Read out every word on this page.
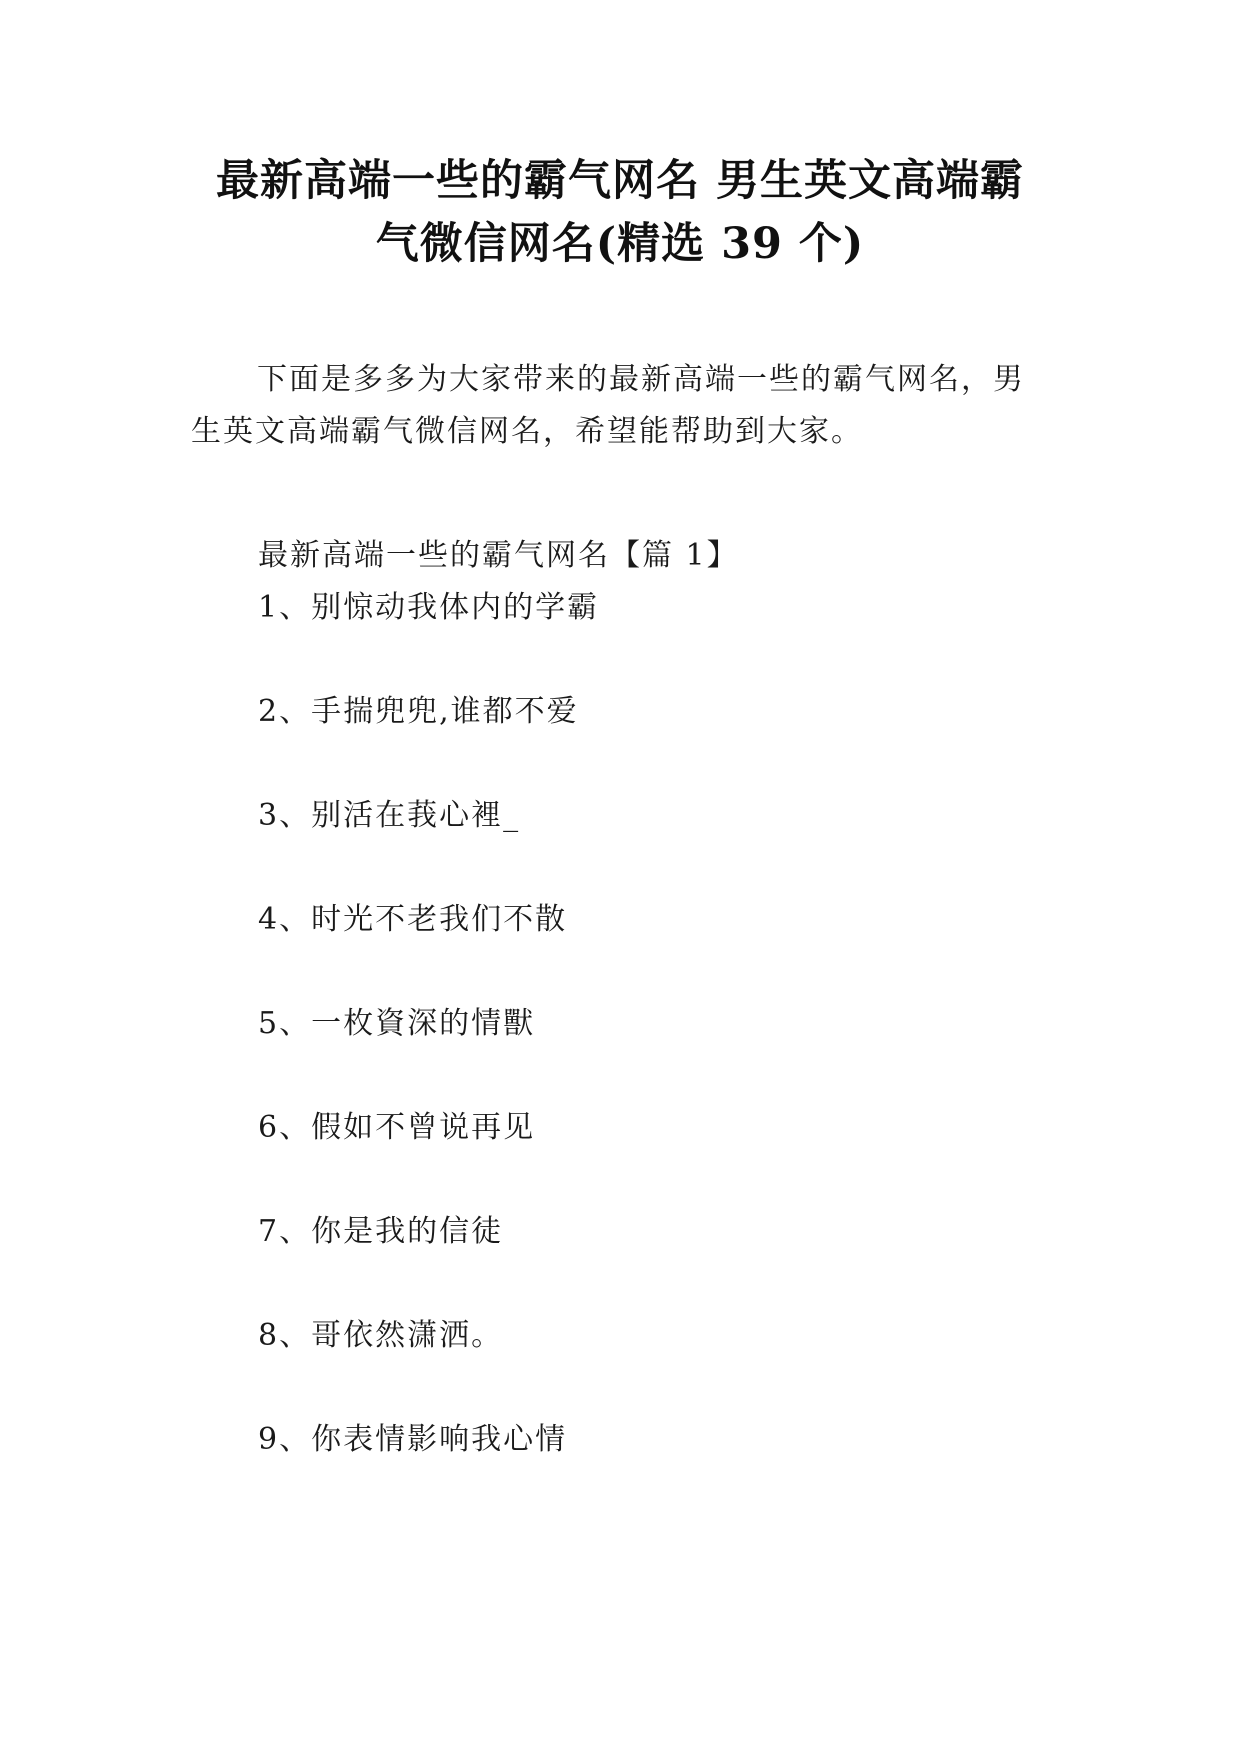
最新高端一些的霸气网名 男生英文高端霸
气微信网名(精选 39 个)

下面是多多为大家带来的最新高端一些的霸气网名，男生英文高端霸气微信网名，希望能帮助到大家。

最新高端一些的霸气网名【篇 1】

1、别惊动我体内的学霸

2、手揣兜兜,谁都不爱

3、别活在莪心裡_

4、时光不老我们不散

5、一枚資深的情獸

6、假如不曾说再见

7、你是我的信徒

8、哥依然潇洒。

9、你表情影响我心情
